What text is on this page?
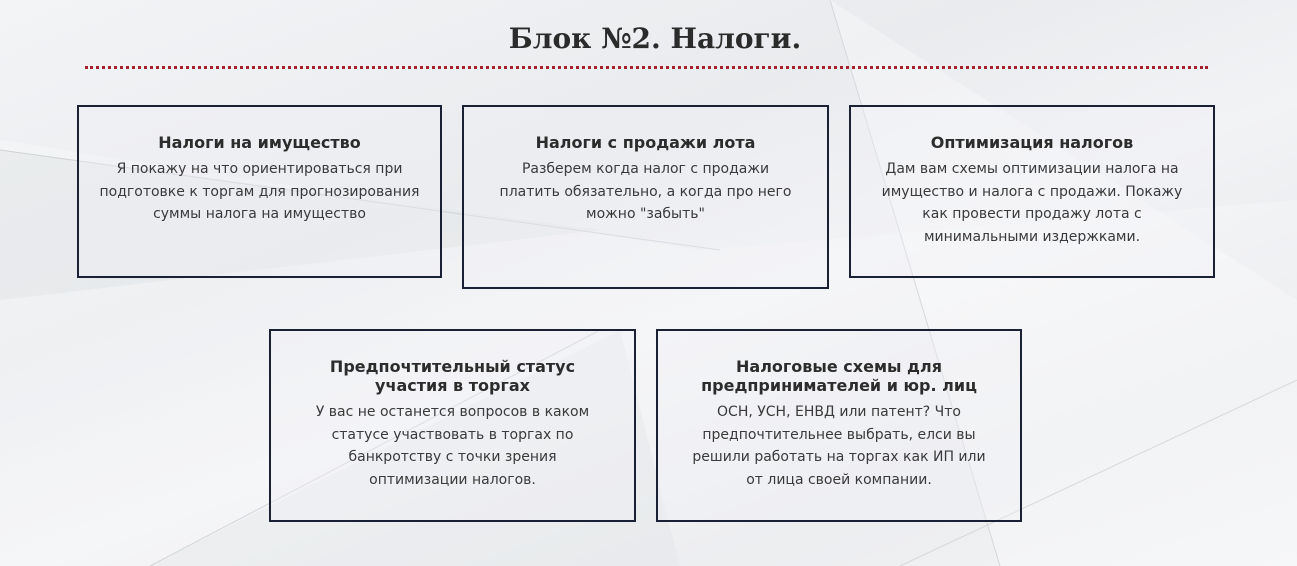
Блок №2. Налоги.
Налоги на имущество

Я покажу на что ориентироваться при подготовке к торгам для прогнозирования суммы налога на имущество

Налоги с продажи лота

Разберем когда налог с продажи платить обязательно, а когда про него можно "забыть"

Оптимизация налогов

Дам вам схемы оптимизации налога на имущество и налога с продажи. Покажу как провести продажу лота с минимальными издержками.

Предпочтительный статус участия в торгах

У вас не останется вопросов в каком статусе участвовать в торгах по банкротству с точки зрения оптимизации налогов.

Налоговые схемы для предпринимателей и юр. лиц

ОСН, УСН, ЕНВД или патент? Что предпочтительнее выбрать, елси вы решили работать на торгах как ИП или от лица своей компании.
